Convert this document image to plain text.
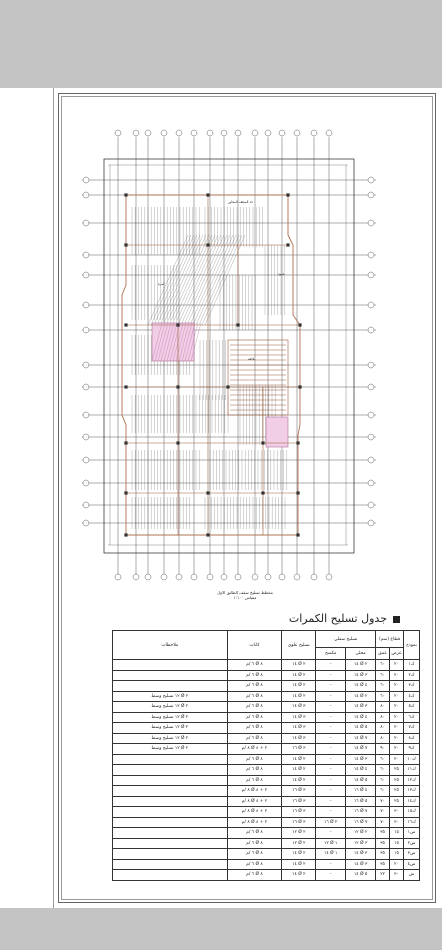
حد السقف المجاور
كمرة
بلاطة
عمود
مخطط تسليح سقف الطابق الاول
مقياس ١:١٠٠
جدول تسليح الكمرات
نموذج	قطاع (سم)		تسليح سفلي		تسليح علوي	كانات	ملاحظات
	عرض	عمق	محلي	مكسح			
ك١	٢٠	٦٠	٢ Ø ١٤	-	٢ Ø ١٤	٨ Ø ٦ /م	
ك٢	٢٠	٦٠	٣ Ø ١٤	-	٢ Ø ١٤	٨ Ø ٦ /م	
ك٣	٢٠	٦٠	٤ Ø ١٤	-	٢ Ø ١٤	٨ Ø ٦ /م	
ك٤	٢٠	٦٠	٢ Ø ١٤	-	٢ Ø ١٤	٨ Ø ٦ /م	٢ Ø ١٢ تسليح وسط
ك٥	٢٠	٨٠	٣ Ø ١٤	-	٣ Ø ١٤	٨ Ø ٦ /م	٢ Ø ١٢ تسليح وسط
ك٦	٢٠	٨٠	٤ Ø ١٤	-	٣ Ø ١٤	٨ Ø ٦ /م	٢ Ø ١٢ تسليح وسط
ك٧	٢٠	٨٠	٥ Ø ١٤	-	٣ Ø ١٤	٨ Ø ٦ /م	٢ Ø ١٢ تسليح وسط
ك٨	٢٠	٨٠	٧ Ø ١٤	-	٣ Ø ١٤	٨ Ø ٦ /م	٢ Ø ١٢ تسليح وسط
ك٩	٢٠	٩٠	٧ Ø ١٤	-	٣ Ø ١٦	٢ + ٨ Ø ٨ /م	٢ Ø ١٢ تسليح وسط
ك١٠	٢٠	٦٠	٣ Ø ١٤	-	٢ Ø ١٤	٨ Ø ٦ /م	
ك١١	٢٥	٦٠	٤ Ø ١٤	-	٢ Ø ١٤	٨ Ø ٦ /م	
ك١٢	٢٥	٦٠	٥ Ø ١٤	-	٢ Ø ١٤	٨ Ø ٦ /م	
ك١٣	٢٥	٦٠	٤ Ø ١٦	-	٣ Ø ١٦	٢ + ٨ Ø ٨ /م	
ك١٤	٢٥	٧٠	٥ Ø ١٦	-	٣ Ø ١٦	٢ + ٨ Ø ٨ /م	
ك١٥	٣٠	٧٠	٧ Ø ١٦	-	٣ Ø ١٦	٢ + ٨ Ø ٨ /م	
ك١٦	٣٠	٧٠	٧ Ø ١٦	٢ Ø ١٦	٣ Ø ١٦	٢ + ٨ Ø ٨ /م	
س١	١٥	٣٥	٢ Ø ١٢	-	٢ Ø ١٢	٨ Ø ٦ /م	
س٢	١٥	٣٥	٣ Ø ١٢	١ Ø ١٢	٢ Ø ١٢	٨ Ø ٦ /م	
س٣	١٥	٣٥	٣ Ø ١٤	١ Ø ١٤	٢ Ø ١٤	٨ Ø ٦ /م	
س٤	٢٠	٣٥	٣ Ø ١٤	-	٢ Ø ١٤	٨ Ø ٦ /م	
ش	٣٠	٢٢	٥ Ø ١٤	-	٢ Ø ١٤	٨ Ø ٦ /م	
